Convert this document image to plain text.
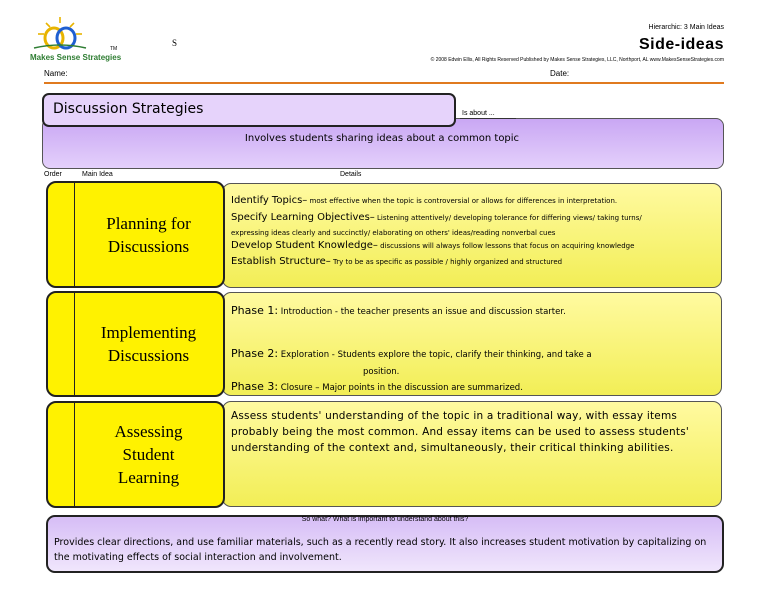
Makes Sense Strategies
TM
S
Hierarchic: 3 Main Ideas
Side-ideas
© 2008 Edwin Ellis, All Rights Reserved Published by Makes Sense Strategies, LLC, Northport, AL www.MakesSenseStrategies.com
Name:	Date:
Discussion Strategies	Is about ...
Involves students sharing ideas about a common topic
Order	Main Idea	Details
Identify Topics– most effective when the topic is controversial or allows for differences in interpretation.
Specify Learning Objectives– Listening attentively/ developing tolerance for differing views/ taking turns/
expressing ideas clearly and succinctly/ elaborating on others' ideas/reading nonverbal cues
Develop Student Knowledge– discussions will always follow lessons that focus on acquiring knowledge
Establish Structure– Try to be as specific as possible / highly organized and structured
Planning for
Discussions
Phase 1: Introduction - the teacher presents an issue and discussion starter.
Phase 2: Exploration - Students explore the topic, clarify their thinking, and take a
position.
Phase 3: Closure – Major points in the discussion are summarized.
Implementing
Discussions
Assess students' understanding of the topic in a traditional way, with essay items probably being the most common. And essay items can be used to assess students' understanding of the context and, simultaneously, their critical thinking abilities.
Assessing
Student
Learning
Provides clear directions, and use familiar materials, such as a recently read story. It also increases student motivation by capitalizing on the motivating effects of social interaction and involvement.
So what? What is important to understand about this?
